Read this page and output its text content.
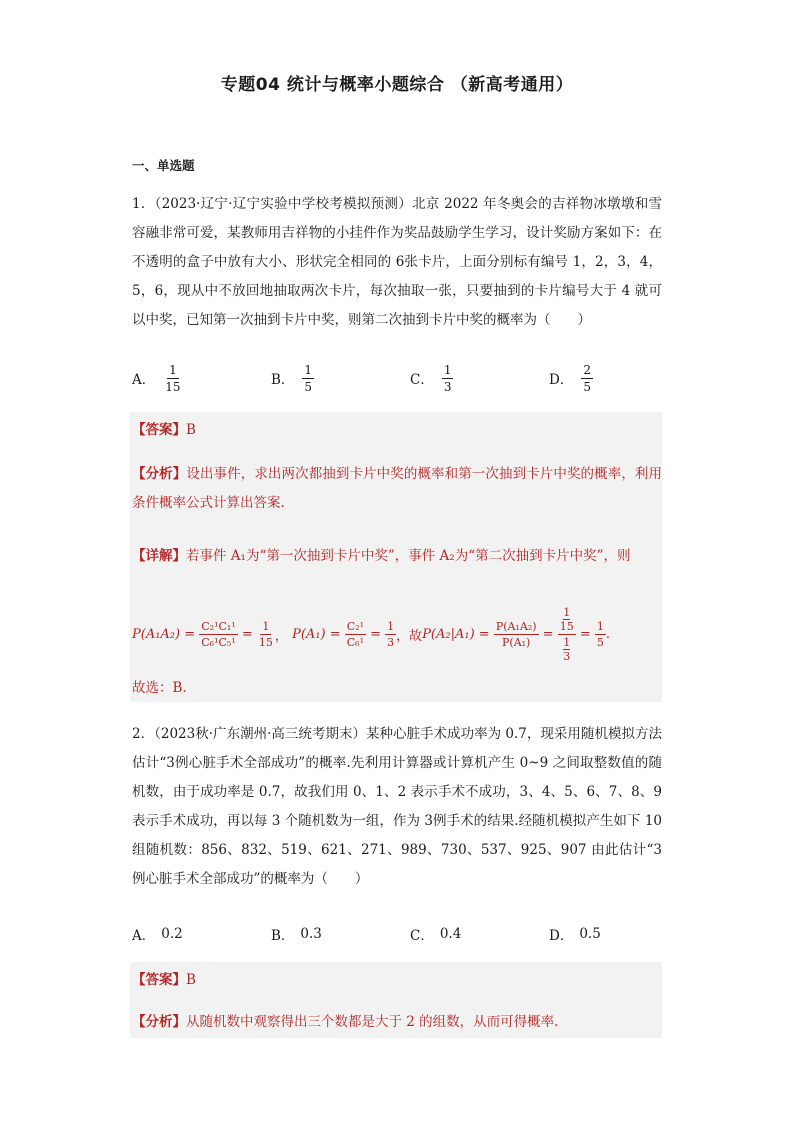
专题04 统计与概率小题综合 （新高考通用）
一、单选题
1．（2023·辽宁·辽宁实验中学校考模拟预测）北京 2022 年冬奥会的吉祥物冰墩墩和雪容融非常可爱，某教师用吉祥物的小挂件作为奖品鼓励学生学习，设计奖励方案如下：在不透明的盒子中放有大小、形状完全相同的 6张卡片，上面分别标有编号 1，2，3，4，5，6，现从中不放回地抽取两次卡片，每次抽取一张，只要抽到的卡片编号大于 4 就可以中奖，已知第一次抽到卡片中奖，则第二次抽到卡片中奖的概率为（　　）
A． $\frac{1}{15}$	B． $\frac{1}{5}$	C． $\frac{1}{3}$	D． $\frac{2}{5}$
【答案】B
【分析】设出事件，求出两次都抽到卡片中奖的概率和第一次抽到卡片中奖的概率，利用条件概率公式计算出答案.
【详解】若事件 A₁为“第一次抽到卡片中奖”，事件 A₂为“第二次抽到卡片中奖”，则
$P(A_1A_2) = \frac{\text{C₂¹C₁¹}}{\text{C₆¹C₅¹}} = \frac{1}{15}$ ，
$P(A_1) = \frac{\text{C₂¹}}{\text{C₆¹}} = \frac{1}{3}$ ，故 $P(A_2|A_1) = \frac{\text{P(A₁A₂)}}{\text{P(A₁)}} = \frac{\frac{1}{15}}{\frac{1}{3}} = \frac{1}{5}$ .
故选：B.
2．（2023秋·广东潮州·高三统考期末）某种心脏手术成功率为 0.7，现采用随机模拟方法估计“3例心脏手术全部成功”的概率.先利用计算器或计算机产生 0~9 之间取整数值的随机数，由于成功率是 0.7，故我们用 0、1、2 表示手术不成功，3、4、5、6、7、8、9 表示手术成功，再以每 3 个随机数为一组，作为 3例手术的结果.经随机模拟产生如下 10 组随机数：856、832、519、621、271、989、730、537、925、907 由此估计“3例心脏手术全部成功”的概率为（　　）
A． 0.2	B． 0.3	C． 0.4	D． 0.5
【答案】B
【分析】从随机数中观察得出三个数都是大于 2 的组数，从而可得概率.
